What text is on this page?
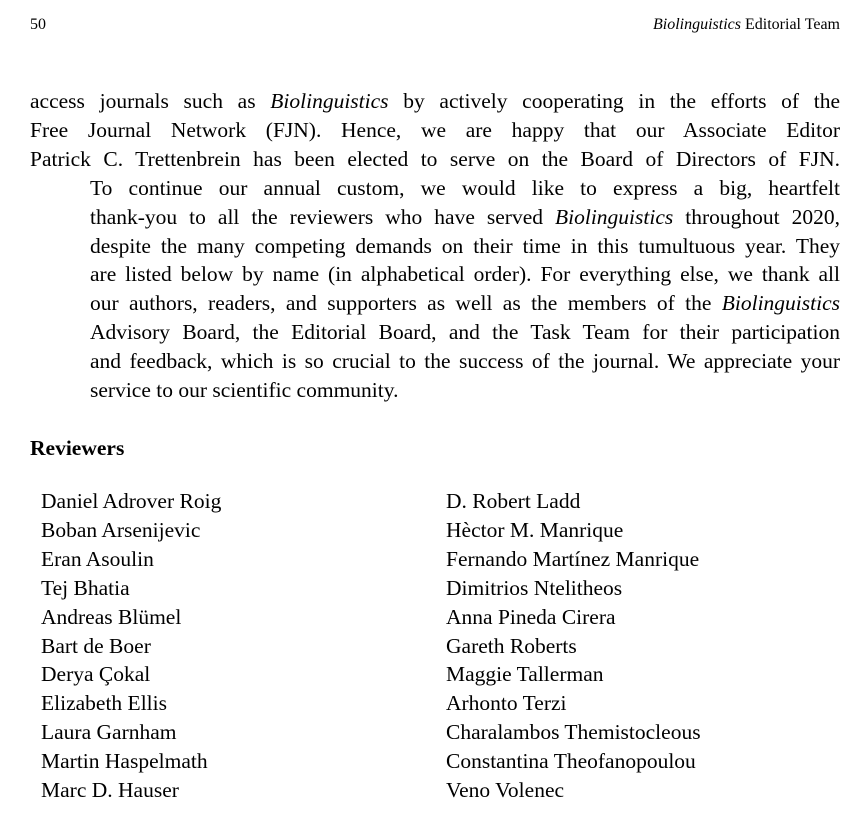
50	Biolinguistics Editorial Team

access journals such as Biolinguistics by actively cooperating in the efforts of the
Free Journal Network (FJN). Hence, we are happy that our Associate Editor
Patrick C. Trettenbrein has been elected to serve on the Board of Directors of FJN.

To continue our annual custom, we would like to express a big, heartfelt
thank-you to all the reviewers who have served Biolinguistics throughout 2020,
despite the many competing demands on their time in this tumultuous year. They
are listed below by name (in alphabetical order). For everything else, we thank all
our authors, readers, and supporters as well as the members of the Biolinguistics
Advisory Board, the Editorial Board, and the Task Team for their participation
and feedback, which is so crucial to the success of the journal. We appreciate your
service to our scientific community.

Reviewers
Daniel Adrover Roig
Boban Arsenijevic
Eran Asoulin
Tej Bhatia
Andreas Blümel
Bart de Boer
Derya Çokal
Elizabeth Ellis
Laura Garnham
Martin Haspelmath
Marc D. Hauser
D. Robert Ladd
Hèctor M. Manrique
Fernando Martínez Manrique
Dimitrios Ntelitheos
Anna Pineda Cirera
Gareth Roberts
Maggie Tallerman
Arhonto Terzi
Charalambos Themistocleous
Constantina Theofanopoulou
Veno Volenec
